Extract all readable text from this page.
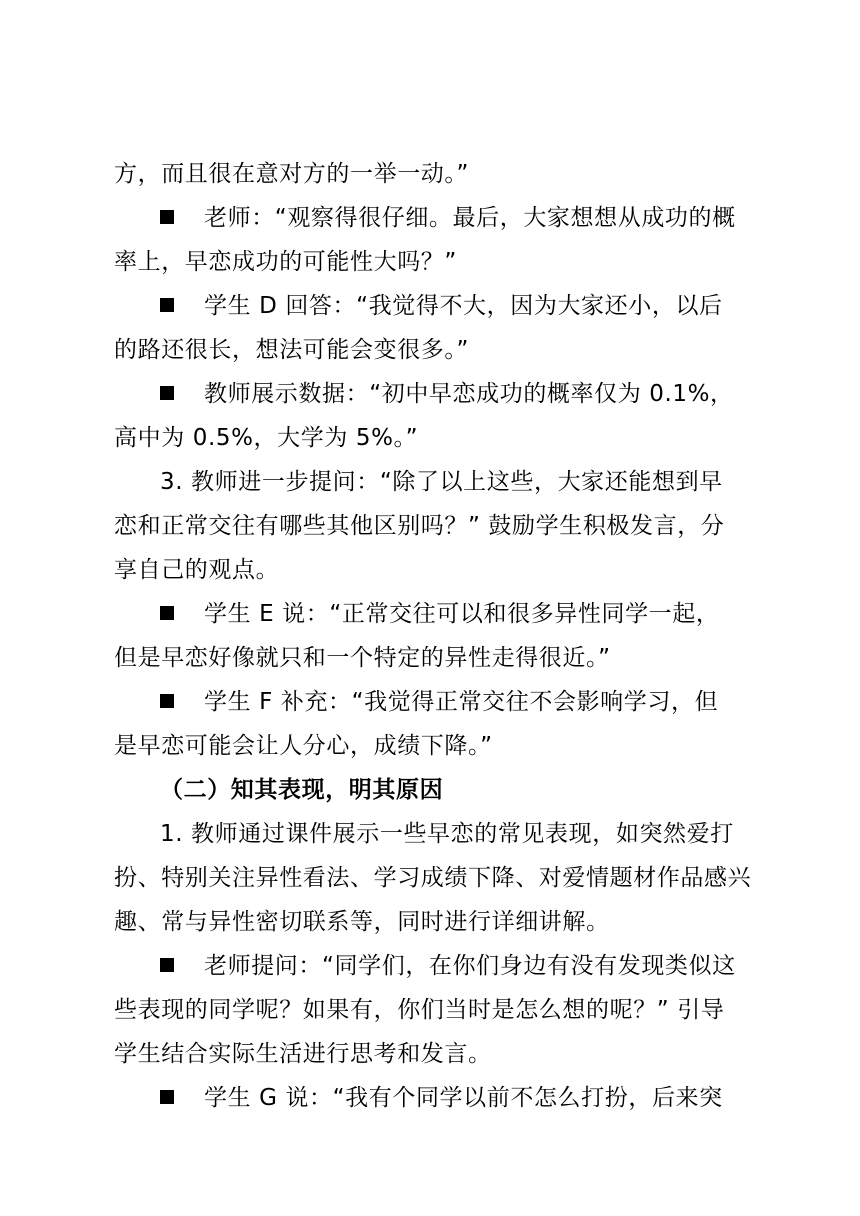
方，而且很在意对方的一举一动。”
老师：“观察得很仔细。最后，大家想想从成功的概
率上，早恋成功的可能性大吗？”
学生 D 回答：“我觉得不大，因为大家还小，以后
的路还很长，想法可能会变很多。”
教师展示数据：“初中早恋成功的概率仅为 0.1%，
高中为 0.5%，大学为 5%。”
3. 教师进一步提问：“除了以上这些，大家还能想到早
恋和正常交往有哪些其他区别吗？” 鼓励学生积极发言，分
享自己的观点。
学生 E 说：“正常交往可以和很多异性同学一起，
但是早恋好像就只和一个特定的异性走得很近。”
学生 F 补充：“我觉得正常交往不会影响学习，但
是早恋可能会让人分心，成绩下降。”
（二）知其表现，明其原因
1. 教师通过课件展示一些早恋的常见表现，如突然爱打
扮、特别关注异性看法、学习成绩下降、对爱情题材作品感兴
趣、常与异性密切联系等，同时进行详细讲解。
老师提问：“同学们，在你们身边有没有发现类似这
些表现的同学呢？如果有，你们当时是怎么想的呢？” 引导
学生结合实际生活进行思考和发言。
学生 G 说：“我有个同学以前不怎么打扮，后来突
